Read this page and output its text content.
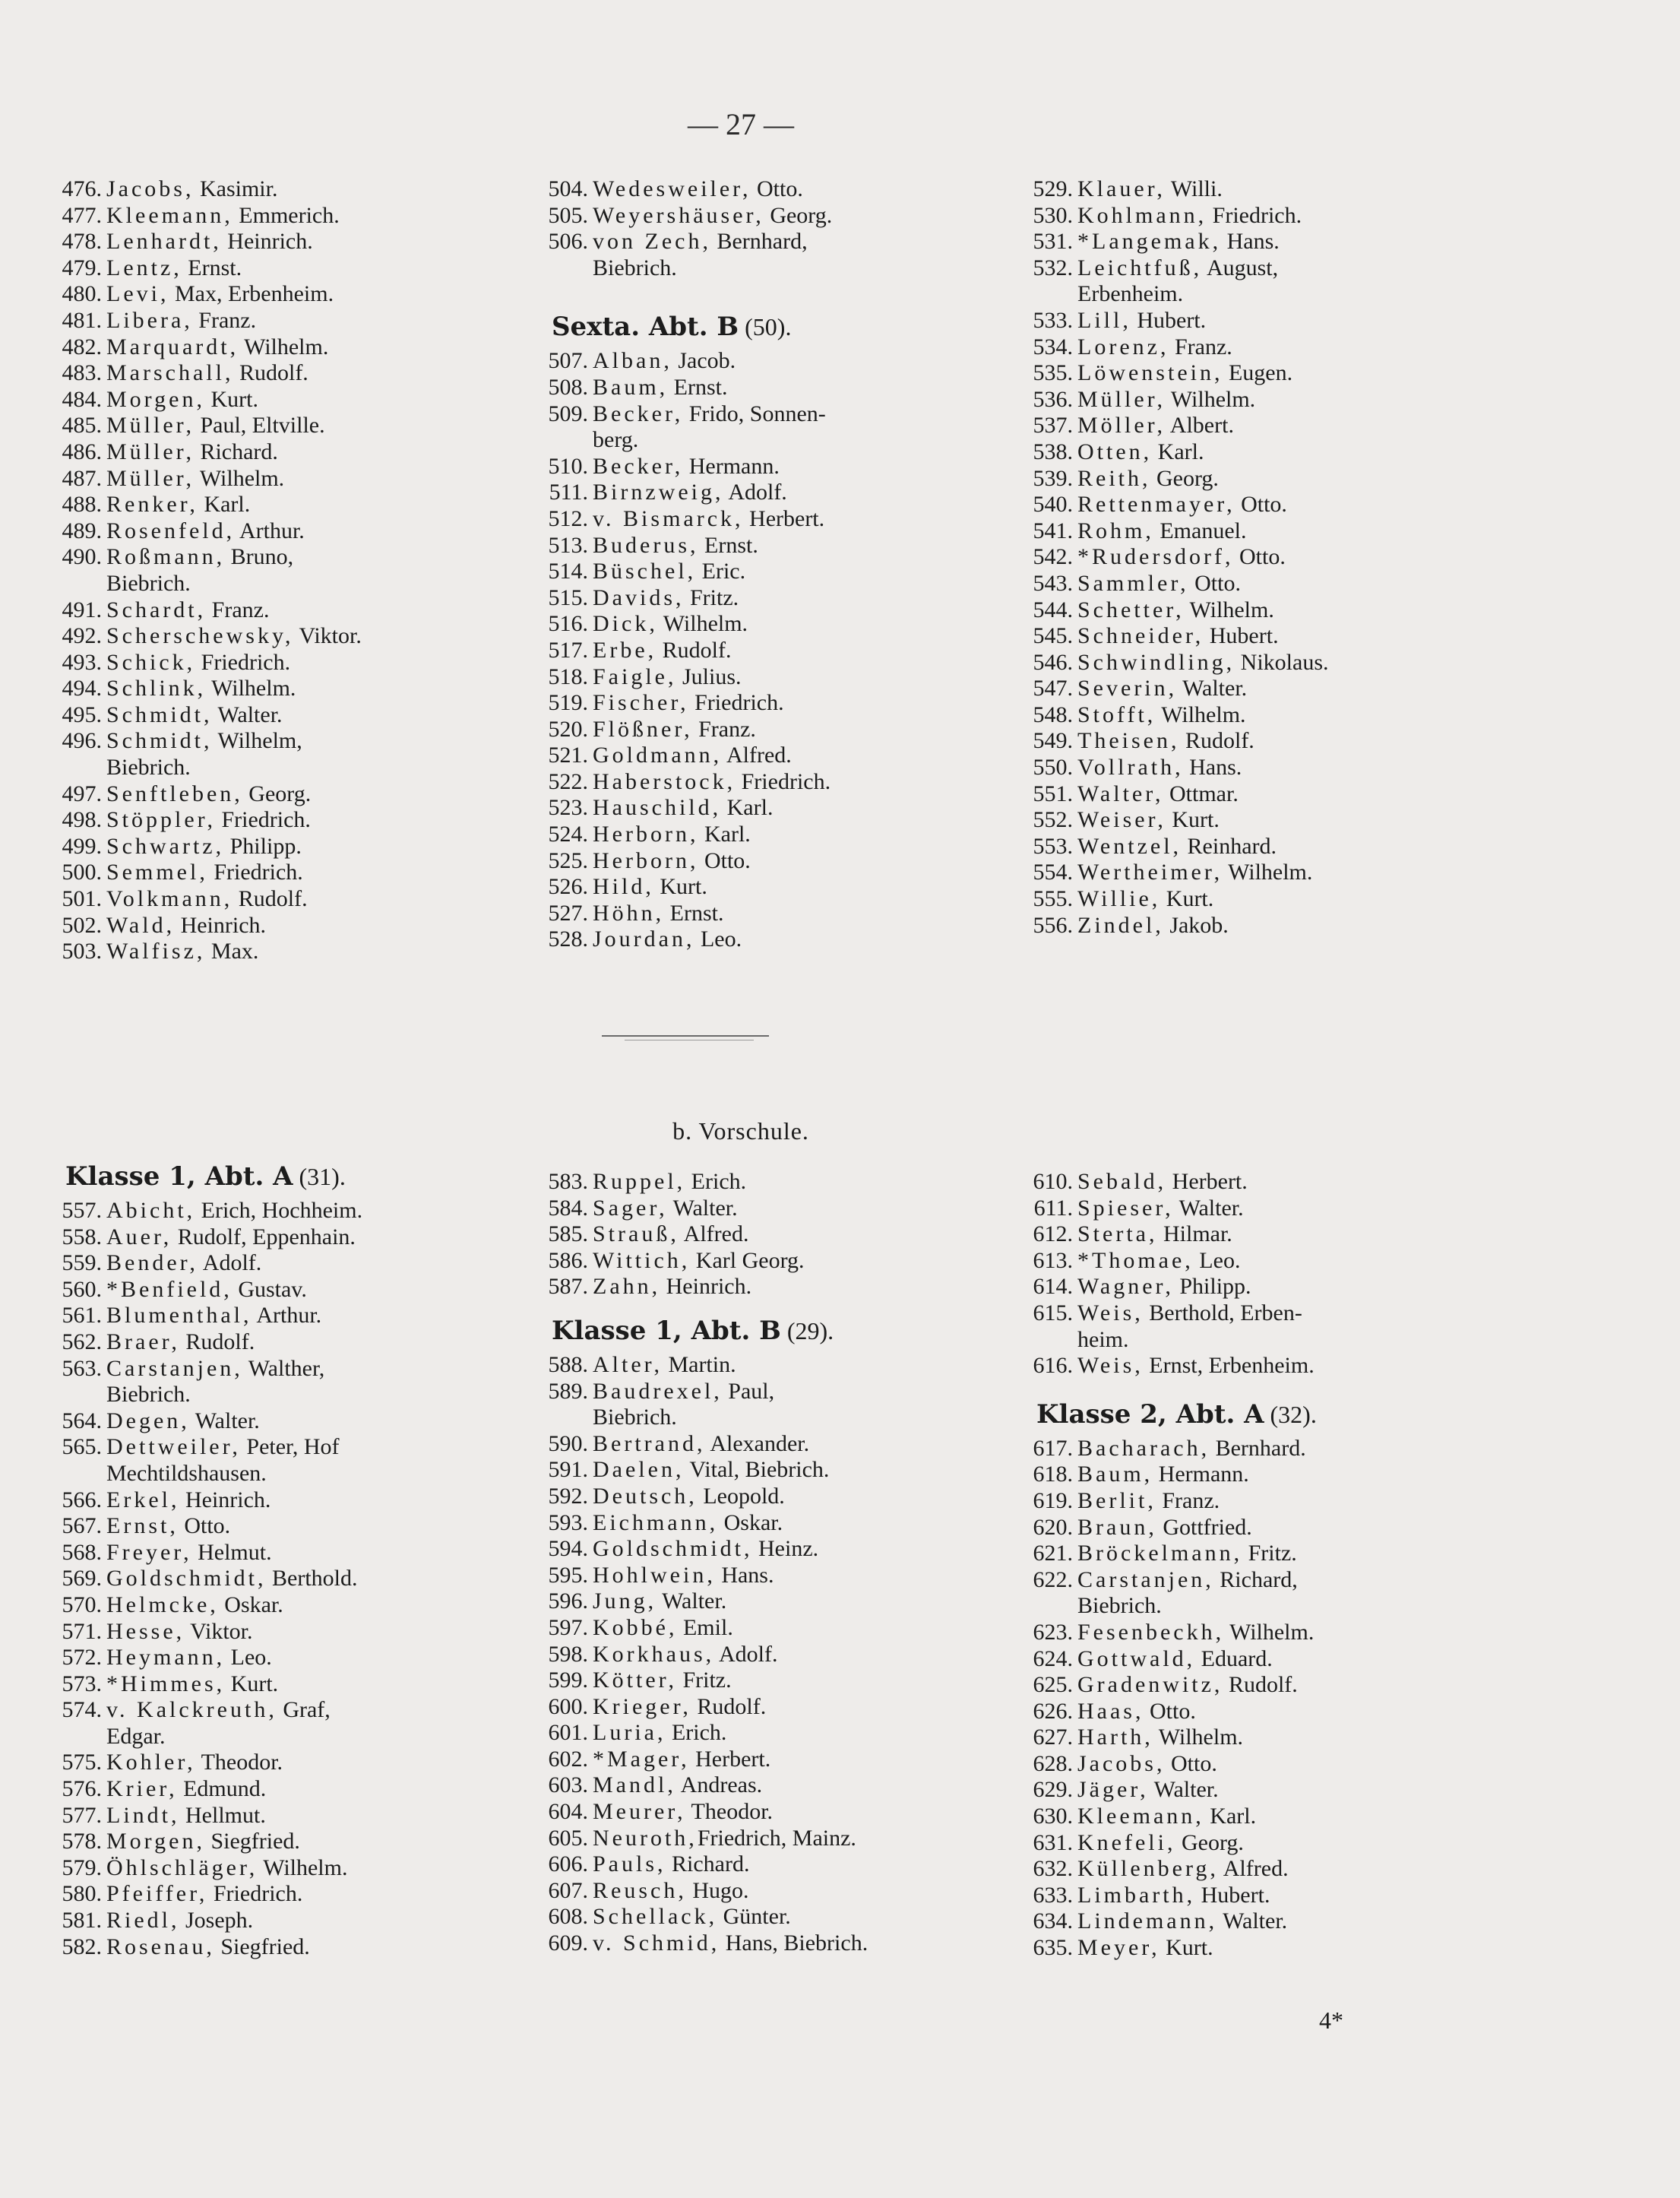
— 27 —
476. Jacobs, Kasimir.
477. Kleemann, Emmerich.
478. Lenhardt, Heinrich.
479. Lentz, Ernst.
480. Levi, Max, Erbenheim.
481. Libera, Franz.
482. Marquardt, Wilhelm.
483. Marschall, Rudolf.
484. Morgen, Kurt.
485. Müller, Paul, Eltville.
486. Müller, Richard.
487. Müller, Wilhelm.
488. Renker, Karl.
489. Rosenfeld, Arthur.
490. Roßmann, Bruno,
Biebrich.
491. Schardt, Franz.
492. Scherschewsky, Viktor.
493. Schick, Friedrich.
494. Schlink, Wilhelm.
495. Schmidt, Walter.
496. Schmidt, Wilhelm,
Biebrich.
497. Senftleben, Georg.
498. Stöppler, Friedrich.
499. Schwartz, Philipp.
500. Semmel, Friedrich.
501. Volkmann, Rudolf.
502. Wald, Heinrich.
503. Walfisz, Max.
504. Wedesweiler, Otto.
505. Weyershäuser, Georg.
506. von Zech, Bernhard,
Biebrich.
Sexta. Abt. B (50).
507. Alban, Jacob.
508. Baum, Ernst.
509. Becker, Frido, Sonnen-
berg.
510. Becker, Hermann.
511. Birnzweig, Adolf.
512. v. Bismarck, Herbert.
513. Buderus, Ernst.
514. Büschel, Eric.
515. Davids, Fritz.
516. Dick, Wilhelm.
517. Erbe, Rudolf.
518. Faigle, Julius.
519. Fischer, Friedrich.
520. Flößner, Franz.
521. Goldmann, Alfred.
522. Haberstock, Friedrich.
523. Hauschild, Karl.
524. Herborn, Karl.
525. Herborn, Otto.
526. Hild, Kurt.
527. Höhn, Ernst.
528. Jourdan, Leo.
529. Klauer, Willi.
530. Kohlmann, Friedrich.
531. *Langemak, Hans.
532. Leichtfuß, August,
Erbenheim.
533. Lill, Hubert.
534. Lorenz, Franz.
535. Löwenstein, Eugen.
536. Müller, Wilhelm.
537. Möller, Albert.
538. Otten, Karl.
539. Reith, Georg.
540. Rettenmayer, Otto.
541. Rohm, Emanuel.
542. *Rudersdorf, Otto.
543. Sammler, Otto.
544. Schetter, Wilhelm.
545. Schneider, Hubert.
546. Schwindling, Nikolaus.
547. Severin, Walter.
548. Stofft, Wilhelm.
549. Theisen, Rudolf.
550. Vollrath, Hans.
551. Walter, Ottmar.
552. Weiser, Kurt.
553. Wentzel, Reinhard.
554. Wertheimer, Wilhelm.
555. Willie, Kurt.
556. Zindel, Jakob.
b. Vorschule.
Klasse 1, Abt. A (31).
557. Abicht, Erich, Hochheim.
558. Auer, Rudolf, Eppenhain.
559. Bender, Adolf.
560. *Benfield, Gustav.
561. Blumenthal, Arthur.
562. Braer, Rudolf.
563. Carstanjen, Walther,
Biebrich.
564. Degen, Walter.
565. Dettweiler, Peter, Hof
Mechtildshausen.
566. Erkel, Heinrich.
567. Ernst, Otto.
568. Freyer, Helmut.
569. Goldschmidt, Berthold.
570. Helmcke, Oskar.
571. Hesse, Viktor.
572. Heymann, Leo.
573. *Himmes, Kurt.
574. v. Kalckreuth, Graf,
Edgar.
575. Kohler, Theodor.
576. Krier, Edmund.
577. Lindt, Hellmut.
578. Morgen, Siegfried.
579. Öhlschläger, Wilhelm.
580. Pfeiffer, Friedrich.
581. Riedl, Joseph.
582. Rosenau, Siegfried.
583. Ruppel, Erich.
584. Sager, Walter.
585. Strauß, Alfred.
586. Wittich, Karl Georg.
587. Zahn, Heinrich.
Klasse 1, Abt. B (29).
588. Alter, Martin.
589. Baudrexel, Paul,
Biebrich.
590. Bertrand, Alexander.
591. Daelen, Vital, Biebrich.
592. Deutsch, Leopold.
593. Eichmann, Oskar.
594. Goldschmidt, Heinz.
595. Hohlwein, Hans.
596. Jung, Walter.
597. Kobbé, Emil.
598. Korkhaus, Adolf.
599. Kötter, Fritz.
600. Krieger, Rudolf.
601. Luria, Erich.
602. *Mager, Herbert.
603. Mandl, Andreas.
604. Meurer, Theodor.
605. Neuroth,Friedrich, Mainz.
606. Pauls, Richard.
607. Reusch, Hugo.
608. Schellack, Günter.
609. v. Schmid, Hans, Biebrich.
610. Sebald, Herbert.
611. Spieser, Walter.
612. Sterta, Hilmar.
613. *Thomae, Leo.
614. Wagner, Philipp.
615. Weis, Berthold, Erben-
heim.
616. Weis, Ernst, Erbenheim.
Klasse 2, Abt. A (32).
617. Bacharach, Bernhard.
618. Baum, Hermann.
619. Berlit, Franz.
620. Braun, Gottfried.
621. Bröckelmann, Fritz.
622. Carstanjen, Richard,
Biebrich.
623. Fesenbeckh, Wilhelm.
624. Gottwald, Eduard.
625. Gradenwitz, Rudolf.
626. Haas, Otto.
627. Harth, Wilhelm.
628. Jacobs, Otto.
629. Jäger, Walter.
630. Kleemann, Karl.
631. Knefeli, Georg.
632. Küllenberg, Alfred.
633. Limbarth, Hubert.
634. Lindemann, Walter.
635. Meyer, Kurt.
4*
